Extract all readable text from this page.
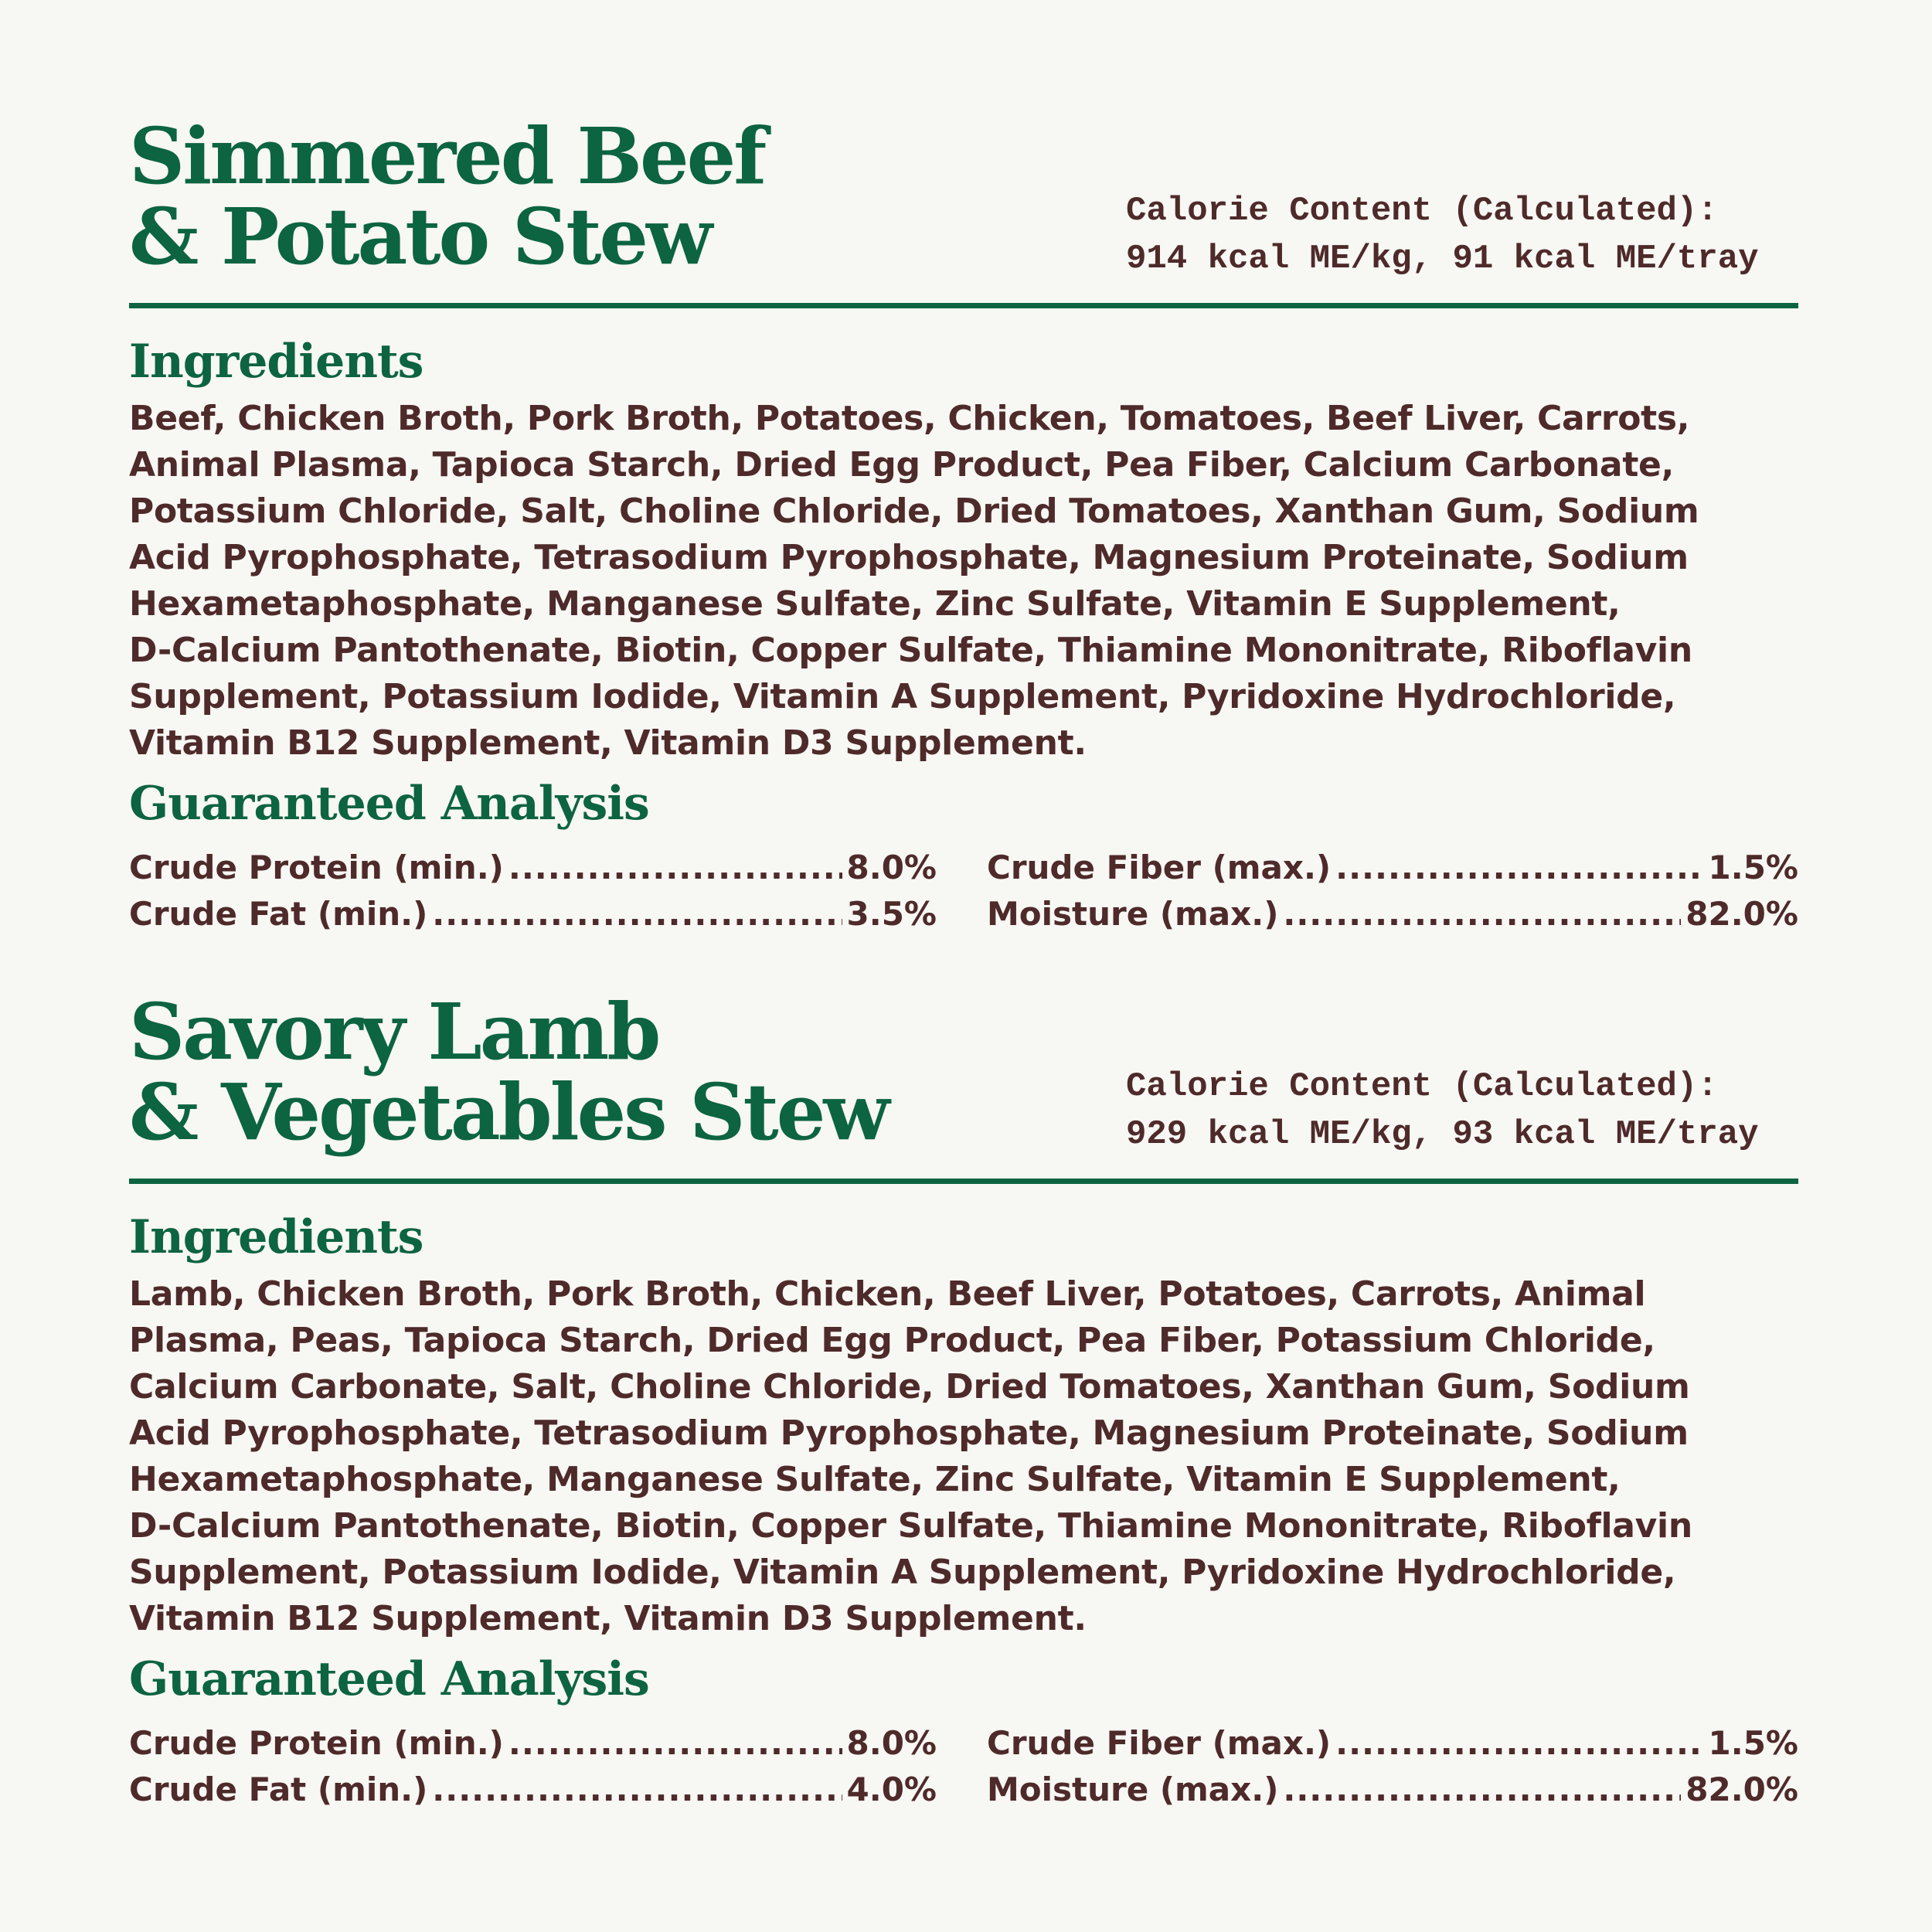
Simmered Beef
& Potato Stew	Calorie Content (Calculated):
914 kcal ME/kg, 91 kcal ME/tray
Ingredients

Beef, Chicken Broth, Pork Broth, Potatoes, Chicken, Tomatoes, Beef Liver, Carrots,
Animal Plasma, Tapioca Starch, Dried Egg Product, Pea Fiber, Calcium Carbonate,
Potassium Chloride, Salt, Choline Chloride, Dried Tomatoes, Xanthan Gum, Sodium
Acid Pyrophosphate, Tetrasodium Pyrophosphate, Magnesium Proteinate, Sodium
Hexametaphosphate, Manganese Sulfate, Zinc Sulfate, Vitamin E Supplement,
D-Calcium Pantothenate, Biotin, Copper Sulfate, Thiamine Mononitrate, Riboflavin
Supplement, Potassium Iodide, Vitamin A Supplement, Pyridoxine Hydrochloride,
Vitamin B12 Supplement, Vitamin D3 Supplement.

Guaranteed Analysis
Crude Protein (min.) .....	8.0%
Crude Fat (min.) .....	3.5%
Crude Fiber (max.) .....	1.5%
Moisture (max.) .....	82.0%
Savory Lamb
& Vegetables Stew	Calorie Content (Calculated):
929 kcal ME/kg, 93 kcal ME/tray
Ingredients

Lamb, Chicken Broth, Pork Broth, Chicken, Beef Liver, Potatoes, Carrots, Animal
Plasma, Peas, Tapioca Starch, Dried Egg Product, Pea Fiber, Potassium Chloride,
Calcium Carbonate, Salt, Choline Chloride, Dried Tomatoes, Xanthan Gum, Sodium
Acid Pyrophosphate, Tetrasodium Pyrophosphate, Magnesium Proteinate, Sodium
Hexametaphosphate, Manganese Sulfate, Zinc Sulfate, Vitamin E Supplement,
D-Calcium Pantothenate, Biotin, Copper Sulfate, Thiamine Mononitrate, Riboflavin
Supplement, Potassium Iodide, Vitamin A Supplement, Pyridoxine Hydrochloride,
Vitamin B12 Supplement, Vitamin D3 Supplement.

Guaranteed Analysis
Crude Protein (min.) .....	8.0%
Crude Fat (min.) .....	4.0%
Crude Fiber (max.) .....	1.5%
Moisture (max.) .....	82.0%
